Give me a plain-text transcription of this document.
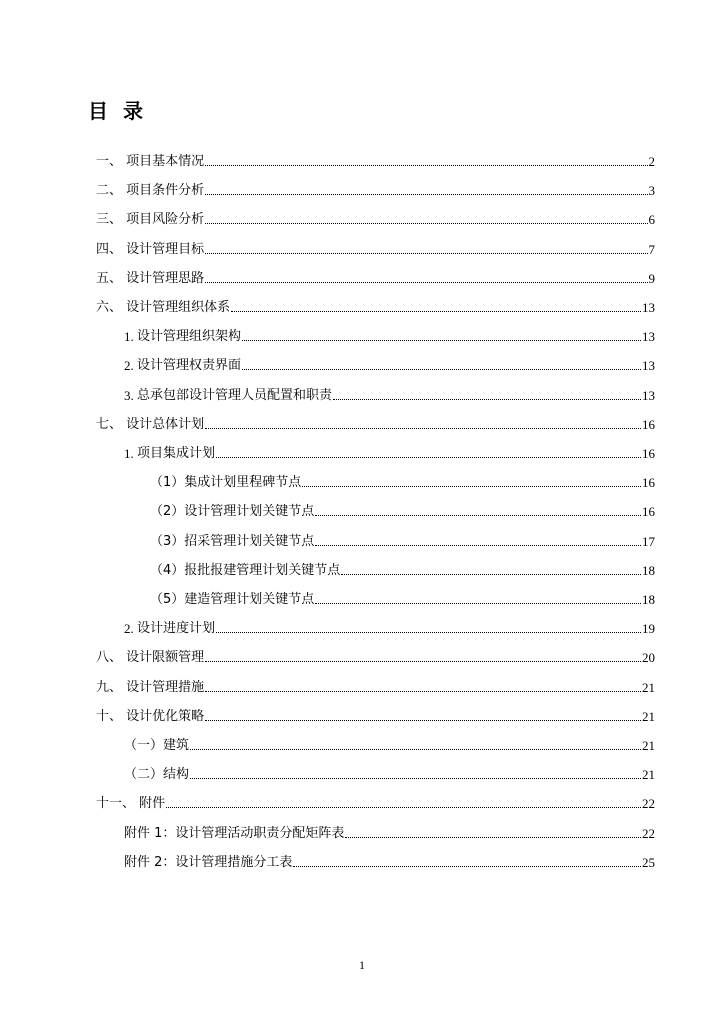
目 录
一、 项目基本情况	2
二、 项目条件分析	3
三、 项目风险分析	6
四、 设计管理目标	7
五、 设计管理思路	9
六、 设计管理组织体系	13
1. 设计管理组织架构	13
2. 设计管理权责界面	13
3. 总承包部设计管理人员配置和职责	13
七、 设计总体计划	16
1. 项目集成计划	16
（1） 集成计划里程碑节点	16
（2） 设计管理计划关键节点	16
（3） 招采管理计划关键节点	17
（4） 报批报建管理计划关键节点	18
（5） 建造管理计划关键节点	18
2. 设计进度计划	19
八、 设计限额管理	20
九、 设计管理措施	21
十、 设计优化策略	21
（一） 建筑	21
（二） 结构	21
十一、 附件	22
附件 1：设计管理活动职责分配矩阵表	22
附件 2：设计管理措施分工表	25
1
